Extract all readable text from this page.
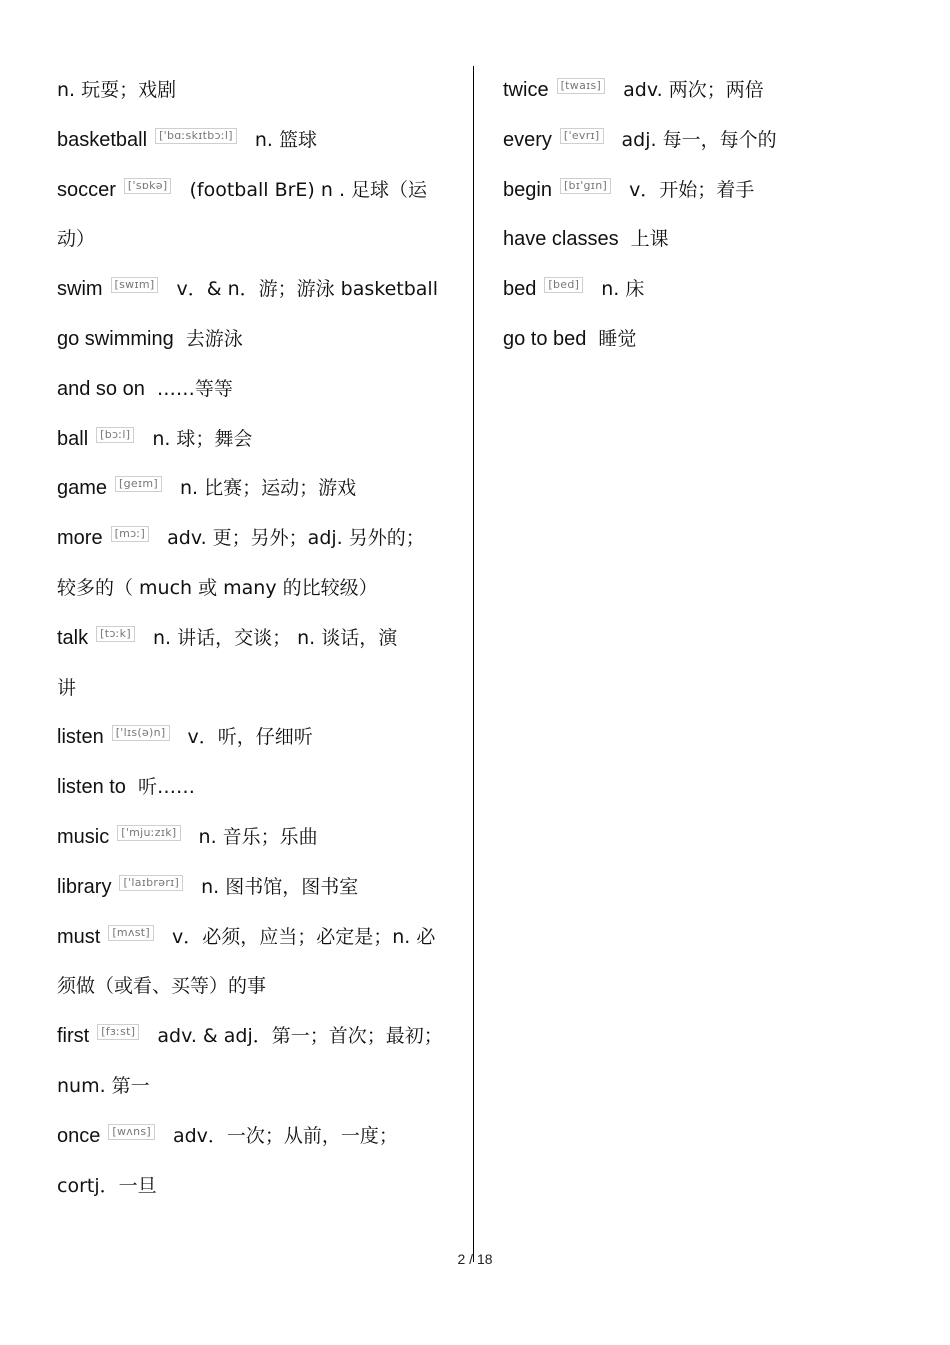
n. 玩耍；戏剧
basketball ['bɑːskɪtbɔːl] n. 篮球
soccer ['sɒkə] (football BrE) n . 足球（运
动）
swim [swɪm] v．& n．游；游泳 basketball
go swimming 去游泳
and so on ……等等
ball [bɔːl] n. 球；舞会
game [geɪm] n. 比赛；运动；游戏
more [mɔː] adv. 更；另外；adj. 另外的；
较多的（ much 或 many 的比较级）
talk [tɔːk] n. 讲话，交谈； n. 谈话，演
讲
listen ['lɪs(ə)n] v．听，仔细听
listen to 听……
music ['mjuːzɪk] n. 音乐；乐曲
library ['laɪbrərɪ] n. 图书馆，图书室
must [mʌst] v．必须，应当；必定是；n. 必
须做（或看、买等）的事
first [fɜːst] adv. & adj．第一；首次；最初；
num. 第一
once [wʌns] adv．一次；从前，一度；
cortj．一旦
twice [twaɪs] adv. 两次；两倍
every ['evrɪ] adj. 每一，每个的
begin [bɪ'gɪn] v．开始；着手
have classes 上课
bed [bed] n. 床
go to bed 睡觉
2 / 18
